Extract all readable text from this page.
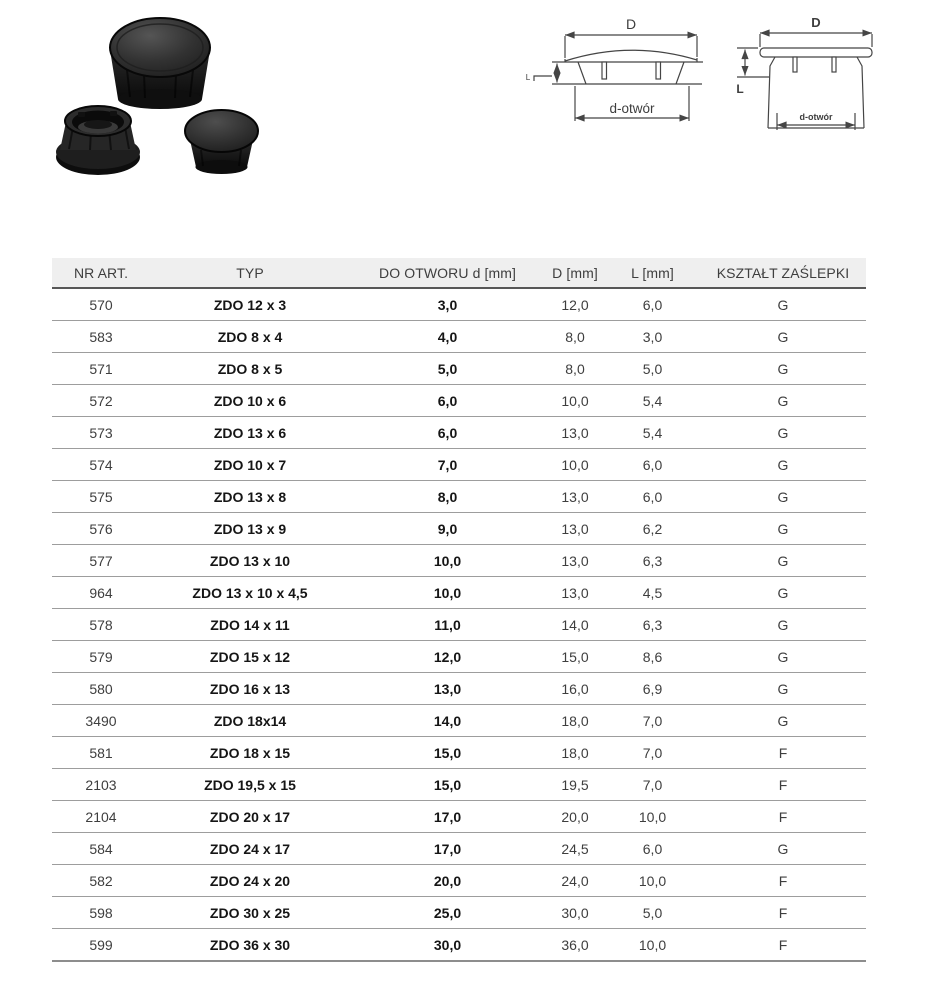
D
L
d-otwór
D
L
d-otwór
NR ART.	TYP	DO OTWORU d [mm]	D [mm]	L [mm]	KSZTAŁT ZAŚLEPKI
570	ZDO 12 x 3	3,0	12,0	6,0	G
583	ZDO 8 x 4	4,0	8,0	3,0	G
571	ZDO 8 x 5	5,0	8,0	5,0	G
572	ZDO 10 x 6	6,0	10,0	5,4	G
573	ZDO 13 x 6	6,0	13,0	5,4	G
574	ZDO 10 x 7	7,0	10,0	6,0	G
575	ZDO 13 x 8	8,0	13,0	6,0	G
576	ZDO 13 x 9	9,0	13,0	6,2	G
577	ZDO 13 x 10	10,0	13,0	6,3	G
964	ZDO 13 x 10 x 4,5	10,0	13,0	4,5	G
578	ZDO 14 x 11	11,0	14,0	6,3	G
579	ZDO 15 x 12	12,0	15,0	8,6	G
580	ZDO 16 x 13	13,0	16,0	6,9	G
3490	ZDO 18x14	14,0	18,0	7,0	G
581	ZDO 18 x 15	15,0	18,0	7,0	F
2103	ZDO 19,5 x 15	15,0	19,5	7,0	F
2104	ZDO 20 x 17	17,0	20,0	10,0	F
584	ZDO 24 x 17	17,0	24,5	6,0	G
582	ZDO 24 x 20	20,0	24,0	10,0	F
598	ZDO 30 x 25	25,0	30,0	5,0	F
599	ZDO 36 x 30	30,0	36,0	10,0	F
